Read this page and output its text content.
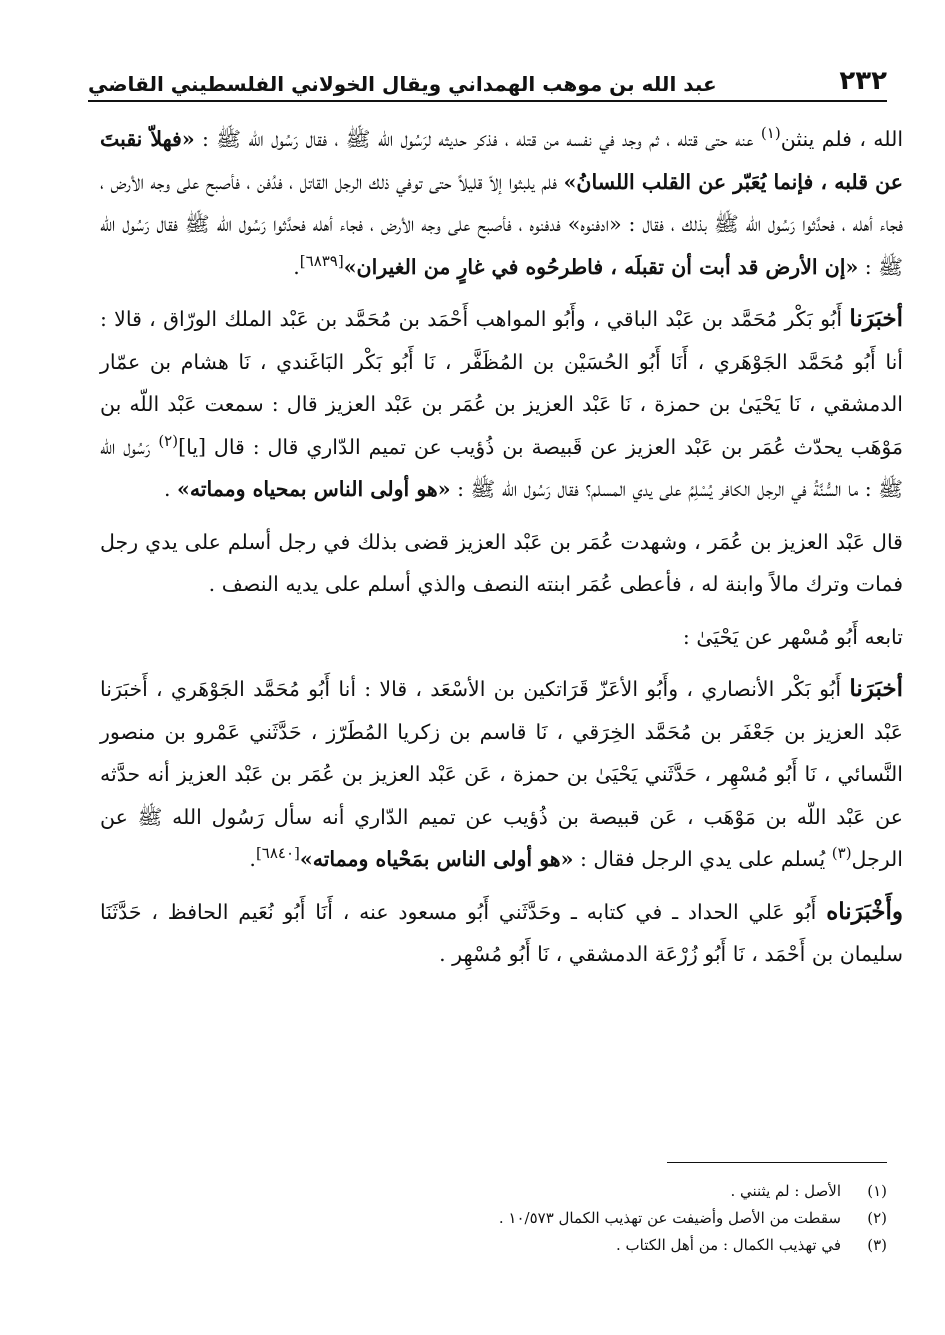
٢٣٢
عبد الله بن موهب الهمداني ويقال الخولاني الفلسطيني القاضي

الله ، فلم ينثن$^{(١)}$ عنه حتى قتله ، ثم وجد في نفسه من قتله ، فذكر حديثه لرَسُول الله ﷺ ، فقال رَسُول الله ﷺ : «فهلاّ نقبتَ عن قلبه ، فإنما يُعَبّر عن القلب اللسانُ» فلم يلبثوا إلاّ قليلاً حتى توفي ذلك الرجل القاتل ، فدُفن ، فأصبح على وجه الأرض ، فجاء أهله ، فحدَّثوا رَسُول الله ﷺ بذلك ، فقال : «ادفنوه» فدفنوه ، فأصبح على وجه الأرض ، فجاء أهله فحدَّثوا رَسُول الله ﷺ فقال رَسُول الله ﷺ : «إن الأرض قد أبت أن تقبلَه ، فاطرحُوه في غارٍ من الغيران»[٦٨٣٩].

أخبَرَنا أَبُو بَكْر مُحَمَّد بن عَبْد الباقي ، وأَبُو المواهب أَحْمَد بن مُحَمَّد بن عَبْد الملك الورّاق ، قالا : أنا أَبُو مُحَمَّد الجَوْهَري ، أَنَا أَبُو الحُسَيْن بن المُظَفَّر ، نَا أَبُو بَكْر البَاغَندي ، نَا هشام بن عمّار الدمشقي ، نَا يَحْيَىٰ بن حمزة ، نَا عَبْد العزيز بن عُمَر بن عَبْد العزيز قال : سمعت عَبْد اللّه بن مَوْهَب يحدّث عُمَر بن عَبْد العزيز عن قَبيصة بن ذُؤيب عن تميم الدّاري قال : قال [يا]$^{(٢)}$ رَسُول الله ﷺ : ما السُّنَّةُ في الرجل الكافر يُسْلِمُ على يدي المسلم؟ فقال رَسُول الله ﷺ : «هو أولى الناس بمحياه ومماته» .

قال عَبْد العزيز بن عُمَر ، وشهدت عُمَر بن عَبْد العزيز قضى بذلك في رجل أسلم على يدي رجل فمات وترك مالاً وابنة له ، فأعطى عُمَر ابنته النصف والذي أسلم على يديه النصف .

تابعه أَبُو مُسْهر عن يَحْيَىٰ :

أخبَرَنا أَبُو بَكْر الأنصاري ، وأَبُو الأعَزّ قَرَاتكين بن الأسْعَد ، قالا : أنا أَبُو مُحَمَّد الجَوْهَري ، أَخبَرَنا عَبْد العزيز بن جَعْفَر بن مُحَمَّد الخِرَقي ، نَا قاسم بن زكريا المُطَرّز ، حَدَّثَني عَمْرو بن منصور النَّسائي ، نَا أَبُو مُسْهِر ، حَدَّثَني يَحْيَىٰ بن حمزة ، عَن عَبْد العزيز بن عُمَر بن عَبْد العزيز أنه حدَّثه عن عَبْد اللّه بن مَوْهَب ، عَن قبيصة بن ذُؤيب عن تميم الدّاري أنه سأل رَسُول الله ﷺ عن الرجل$^{(٣)}$ يُسلم على يدي الرجل فقال : «هو أولى الناس بمَحْياه ومماته»[٦٨٤٠].

وأَخْبَرَناه أَبُو عَلي الحداد ـ في كتابه ـ وحَدَّثَني أَبُو مسعود عنه ، أَنَا أَبُو نُعَيم الحافظ ، حَدَّثَنَا سليمان بن أَحْمَد ، نَا أَبُو زُرْعَة الدمشقي ، نَا أَبُو مُسْهِر .

(١)
الأصل : لم يثنني .
(٢)
سقطت من الأصل وأضيفت عن تهذيب الكمال ١٠/٥٧٣ .
(٣)
في تهذيب الكمال : من أهل الكتاب .
